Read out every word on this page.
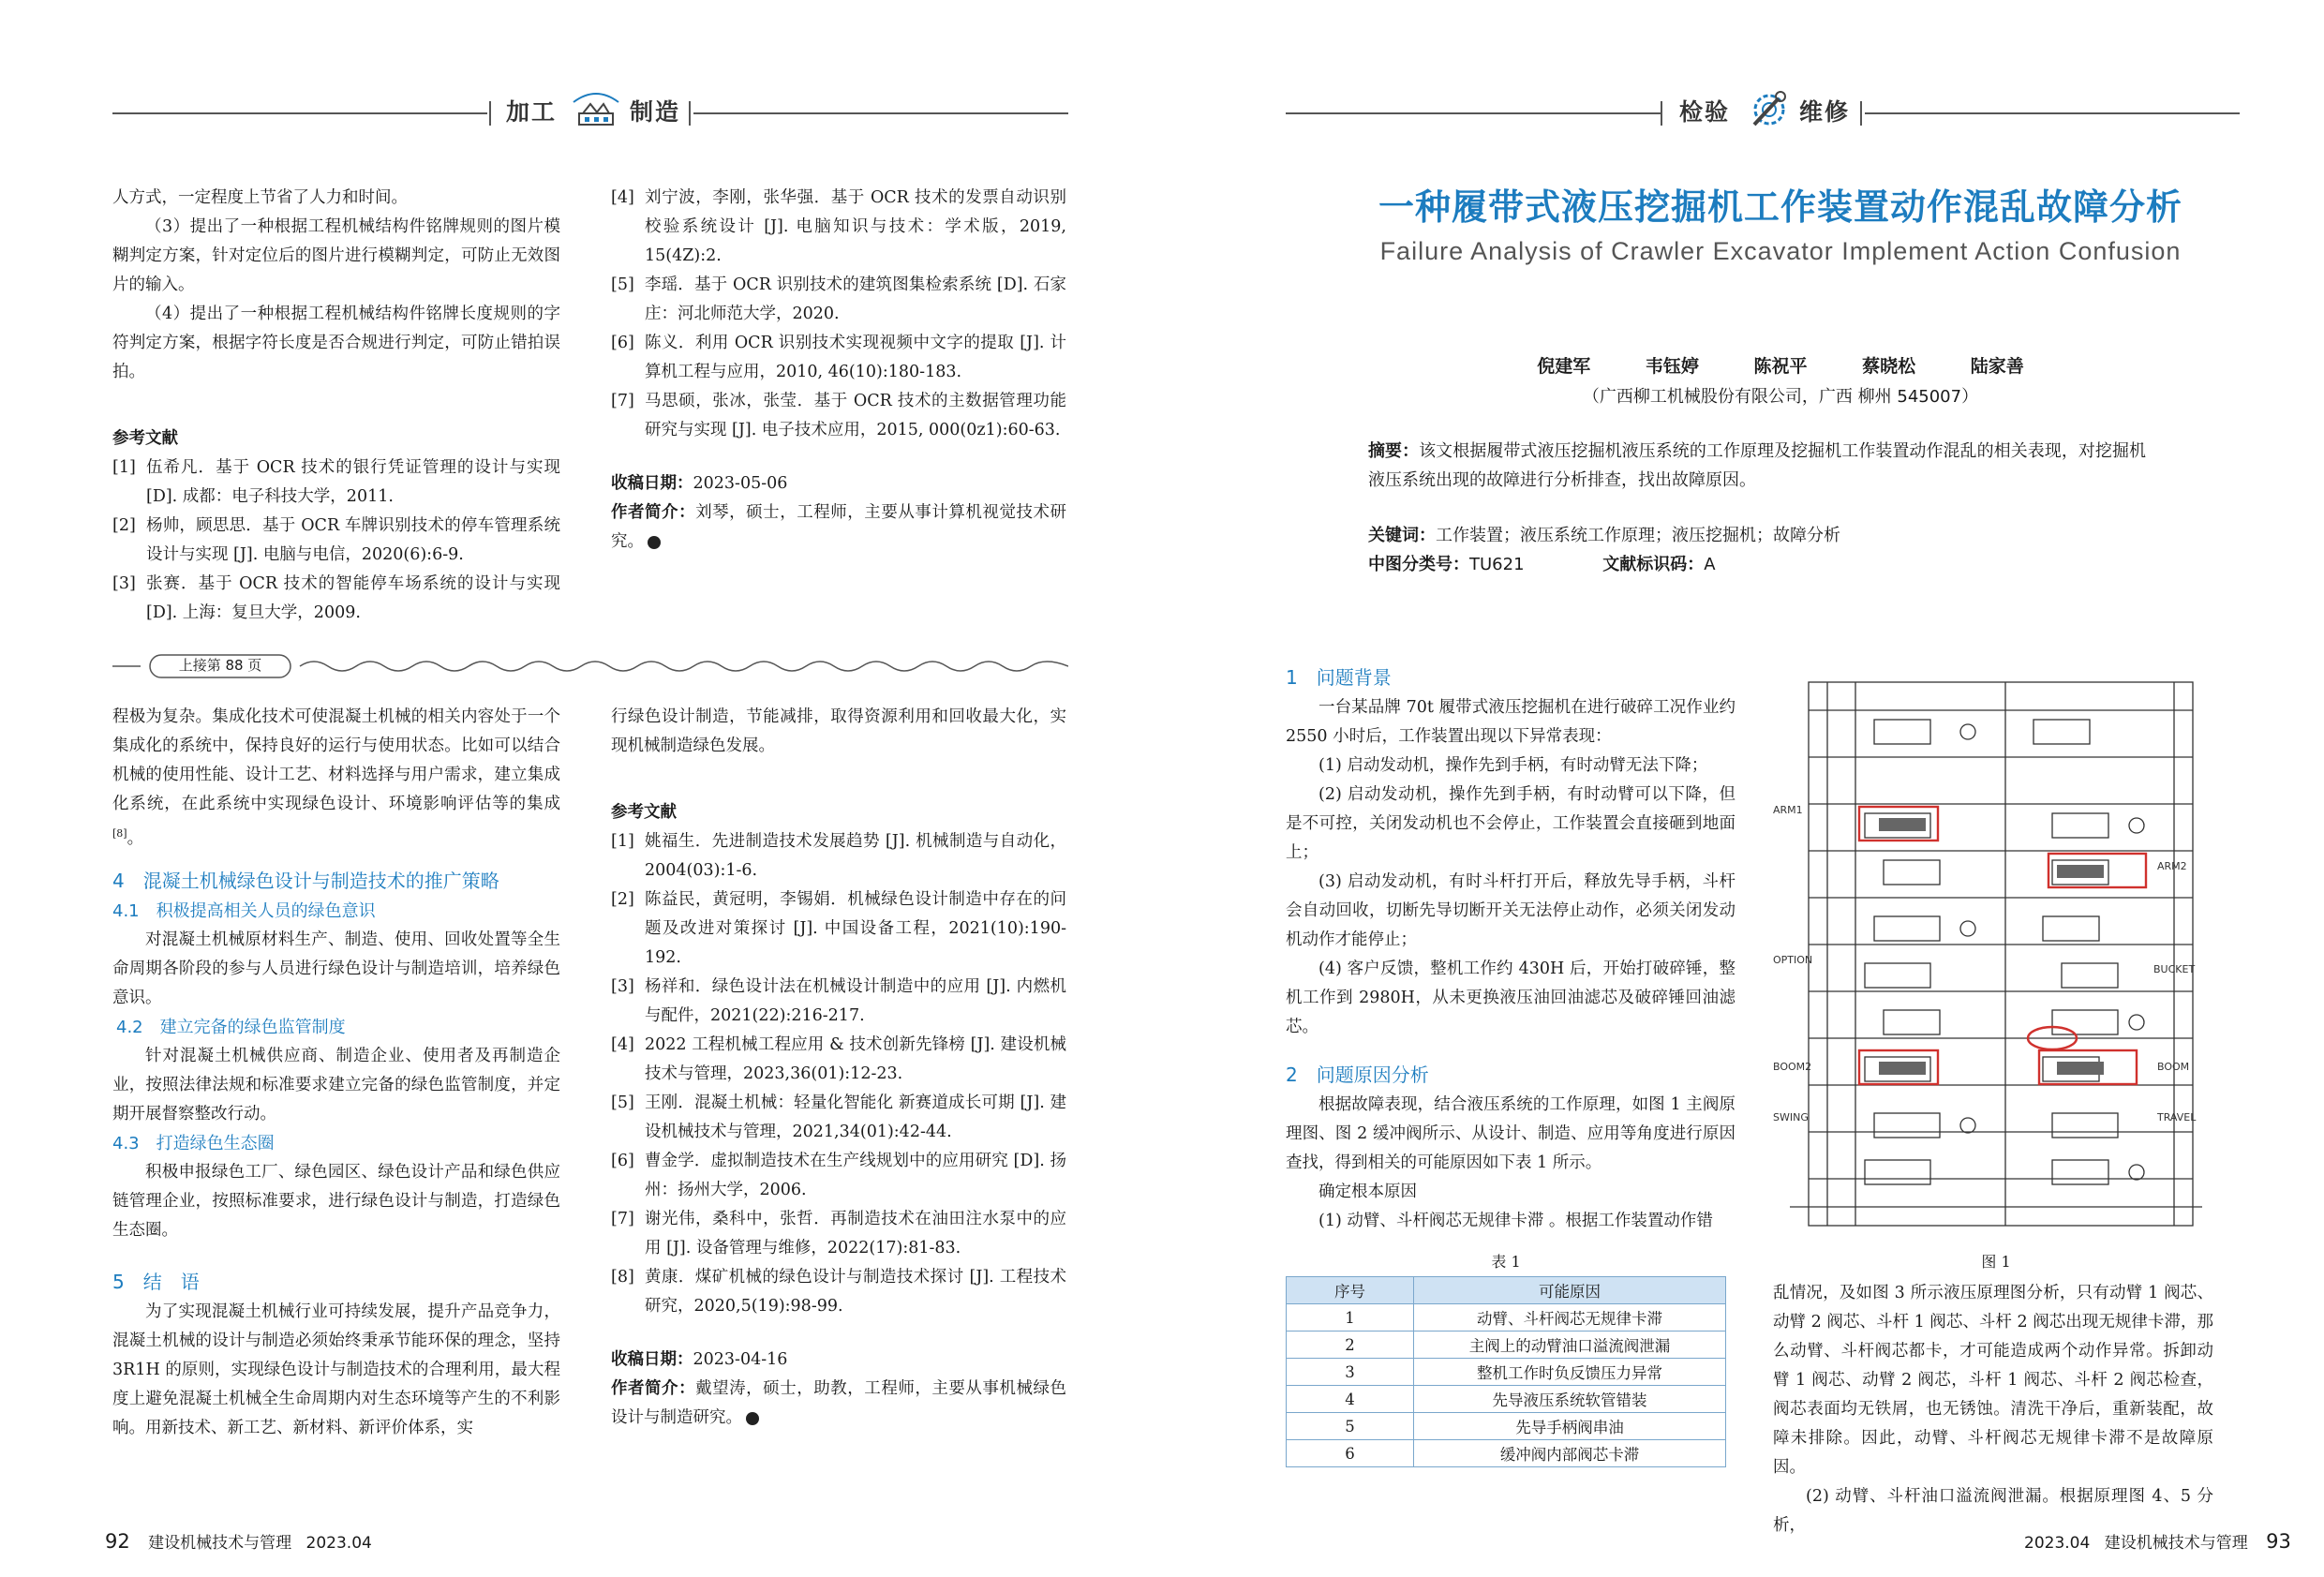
加工	制造

人方式，一定程度上节省了人力和时间。

（3）提出了一种根据工程机械结构件铭牌规则的图片模糊判定方案，针对定位后的图片进行模糊判定，可防止无效图片的输入。

（4）提出了一种根据工程机械结构件铭牌长度规则的字符判定方案，根据字符长度是否合规进行判定，可防止错拍误拍。

参考文献

[1] 伍希凡．基于 OCR 技术的银行凭证管理的设计与实现 [D]. 成都：电子科技大学，2011.
[2] 杨帅，顾思思．基于 OCR 车牌识别技术的停车管理系统设计与实现 [J]. 电脑与电信，2020(6):6-9.
[3] 张赛．基于 OCR 技术的智能停车场系统的设计与实现 [D]. 上海：复旦大学，2009.
[4] 刘宁波，李刚，张华强．基于 OCR 技术的发票自动识别校验系统设计 [J]. 电脑知识与技术：学术版，2019, 15(4Z):2.
[5] 李瑶．基于 OCR 识别技术的建筑图集检索系统 [D]. 石家庄：河北师范大学，2020.
[6] 陈义．利用 OCR 识别技术实现视频中文字的提取 [J]. 计算机工程与应用，2010, 46(10):180-183.
[7] 马思硕，张冰，张莹．基于 OCR 技术的主数据管理功能研究与实现 [J]. 电子技术应用，2015, 000(0z1):60-63.

收稿日期：2023-05-06

作者简介：刘琴，硕士，工程师，主要从事计算机视觉技术研究。

上接第 88 页

程极为复杂。集成化技术可使混凝土机械的相关内容处于一个集成化的系统中，保持良好的运行与使用状态。比如可以结合机械的使用性能、设计工艺、材料选择与用户需求，建立集成化系统，在此系统中实现绿色设计、环境影响评估等的集成[8]。

4　混凝土机械绿色设计与制造技术的推广策略

4.1　积极提高相关人员的绿色意识

对混凝土机械原材料生产、制造、使用、回收处置等全生命周期各阶段的参与人员进行绿色设计与制造培训，培养绿色意识。

4.2　建立完备的绿色监管制度

针对混凝土机械供应商、制造企业、使用者及再制造企业，按照法律法规和标准要求建立完备的绿色监管制度，并定期开展督察整改行动。

4.3　打造绿色生态圈

积极申报绿色工厂、绿色园区、绿色设计产品和绿色供应链管理企业，按照标准要求，进行绿色设计与制造，打造绿色生态圈。

5　结　语

为了实现混凝土机械行业可持续发展，提升产品竞争力，混凝土机械的设计与制造必须始终秉承节能环保的理念，坚持 3R1H 的原则，实现绿色设计与制造技术的合理利用，最大程度上避免混凝土机械全生命周期内对生态环境等产生的不利影响。用新技术、新工艺、新材料、新评价体系，实

行绿色设计制造，节能减排，取得资源利用和回收最大化，实现机械制造绿色发展。

参考文献

[1] 姚福生．先进制造技术发展趋势 [J]. 机械制造与自动化，2004(03):1-6.
[2] 陈益民，黄冠明，李锡娟．机械绿色设计制造中存在的问题及改进对策探讨 [J]. 中国设备工程，2021(10):190-192.
[3] 杨祥和．绿色设计法在机械设计制造中的应用 [J]. 内燃机与配件，2021(22):216-217.
[4] 2022 工程机械工程应用 & 技术创新先锋榜 [J]. 建设机械技术与管理，2023,36(01):12-23.
[5] 王刚．混凝土机械：轻量化智能化 新赛道成长可期 [J]. 建设机械技术与管理，2021,34(01):42-44.
[6] 曹金学．虚拟制造技术在生产线规划中的应用研究 [D]. 扬州：扬州大学，2006.
[7] 谢光伟，桑科中，张哲．再制造技术在油田注水泵中的应用 [J]. 设备管理与维修，2022(17):81-83.
[8] 黄康．煤矿机械的绿色设计与制造技术探讨 [J]. 工程技术研究，2020,5(19):98-99.

收稿日期：2023-04-16

作者简介：戴望涛，硕士，助教，工程师，主要从事机械绿色设计与制造研究。

92 建设机械技术与管理 2023.04
检验	维修
一种履带式液压挖掘机工作装置动作混乱故障分析
Failure Analysis of Crawler Excavator Implement Action Confusion
倪建军	韦钰婷	陈祝平	蔡晓松	陆家善
（广西柳工机械股份有限公司，广西 柳州 545007）
摘要：该文根据履带式液压挖掘机液压系统的工作原理及挖掘机工作装置动作混乱的相关表现，对挖掘机液压系统出现的故障进行分析排查，找出故障原因。
关键词：工作装置；液压系统工作原理；液压挖掘机；故障分析
中图分类号：TU621	文献标识码：A

1　问题背景

一台某品牌 70t 履带式液压挖掘机在进行破碎工况作业约 2550 小时后，工作装置出现以下异常表现：

(1) 启动发动机，操作先到手柄，有时动臂无法下降；

(2) 启动发动机，操作先到手柄，有时动臂可以下降，但是不可控，关闭发动机也不会停止，工作装置会直接砸到地面上；

(3) 启动发动机，有时斗杆打开后，释放先导手柄，斗杆会自动回收，切断先导切断开关无法停止动作，必须关闭发动机动作才能停止；

(4) 客户反馈，整机工作约 430H 后，开始打破碎锤，整机工作到 2980H，从未更换液压油回油滤芯及破碎锤回油滤芯。

2　问题原因分析

根据故障表现，结合液压系统的工作原理，如图 1 主阀原理图、图 2 缓冲阀所示、从设计、制造、应用等角度进行原因查找，得到相关的可能原因如下表 1 所示。

确定根本原因

(1) 动臂、斗杆阀芯无规律卡滞 。根据工作装置动作错

表 1
序号	可能原因
1	动臂、斗杆阀芯无规律卡滞
2	主阀上的动臂油口溢流阀泄漏
3	整机工作时负反馈压力异常
4	先导液压系统软管错装
5	先导手柄阀串油
6	缓冲阀内部阀芯卡滞
ARM1
ARM2
OPTION
BUCKET
BOOM2	BOOM
SWING	TRAVEL
图 1

乱情况，及如图 3 所示液压原理图分析，只有动臂 1 阀芯、动臂 2 阀芯、斗杆 1 阀芯、斗杆 2 阀芯出现无规律卡滞，那么动臂、斗杆阀芯都卡，才可能造成两个动作异常。拆卸动臂 1 阀芯、动臂 2 阀芯，斗杆 1 阀芯、斗杆 2 阀芯检查，阀芯表面均无铁屑，也无锈蚀。清洗干净后，重新装配，故障未排除。因此，动臂、斗杆阀芯无规律卡滞不是故障原因。

(2) 动臂、斗杆油口溢流阀泄漏。根据原理图 4、5 分析，

2023.04 建设机械技术与管理 93
